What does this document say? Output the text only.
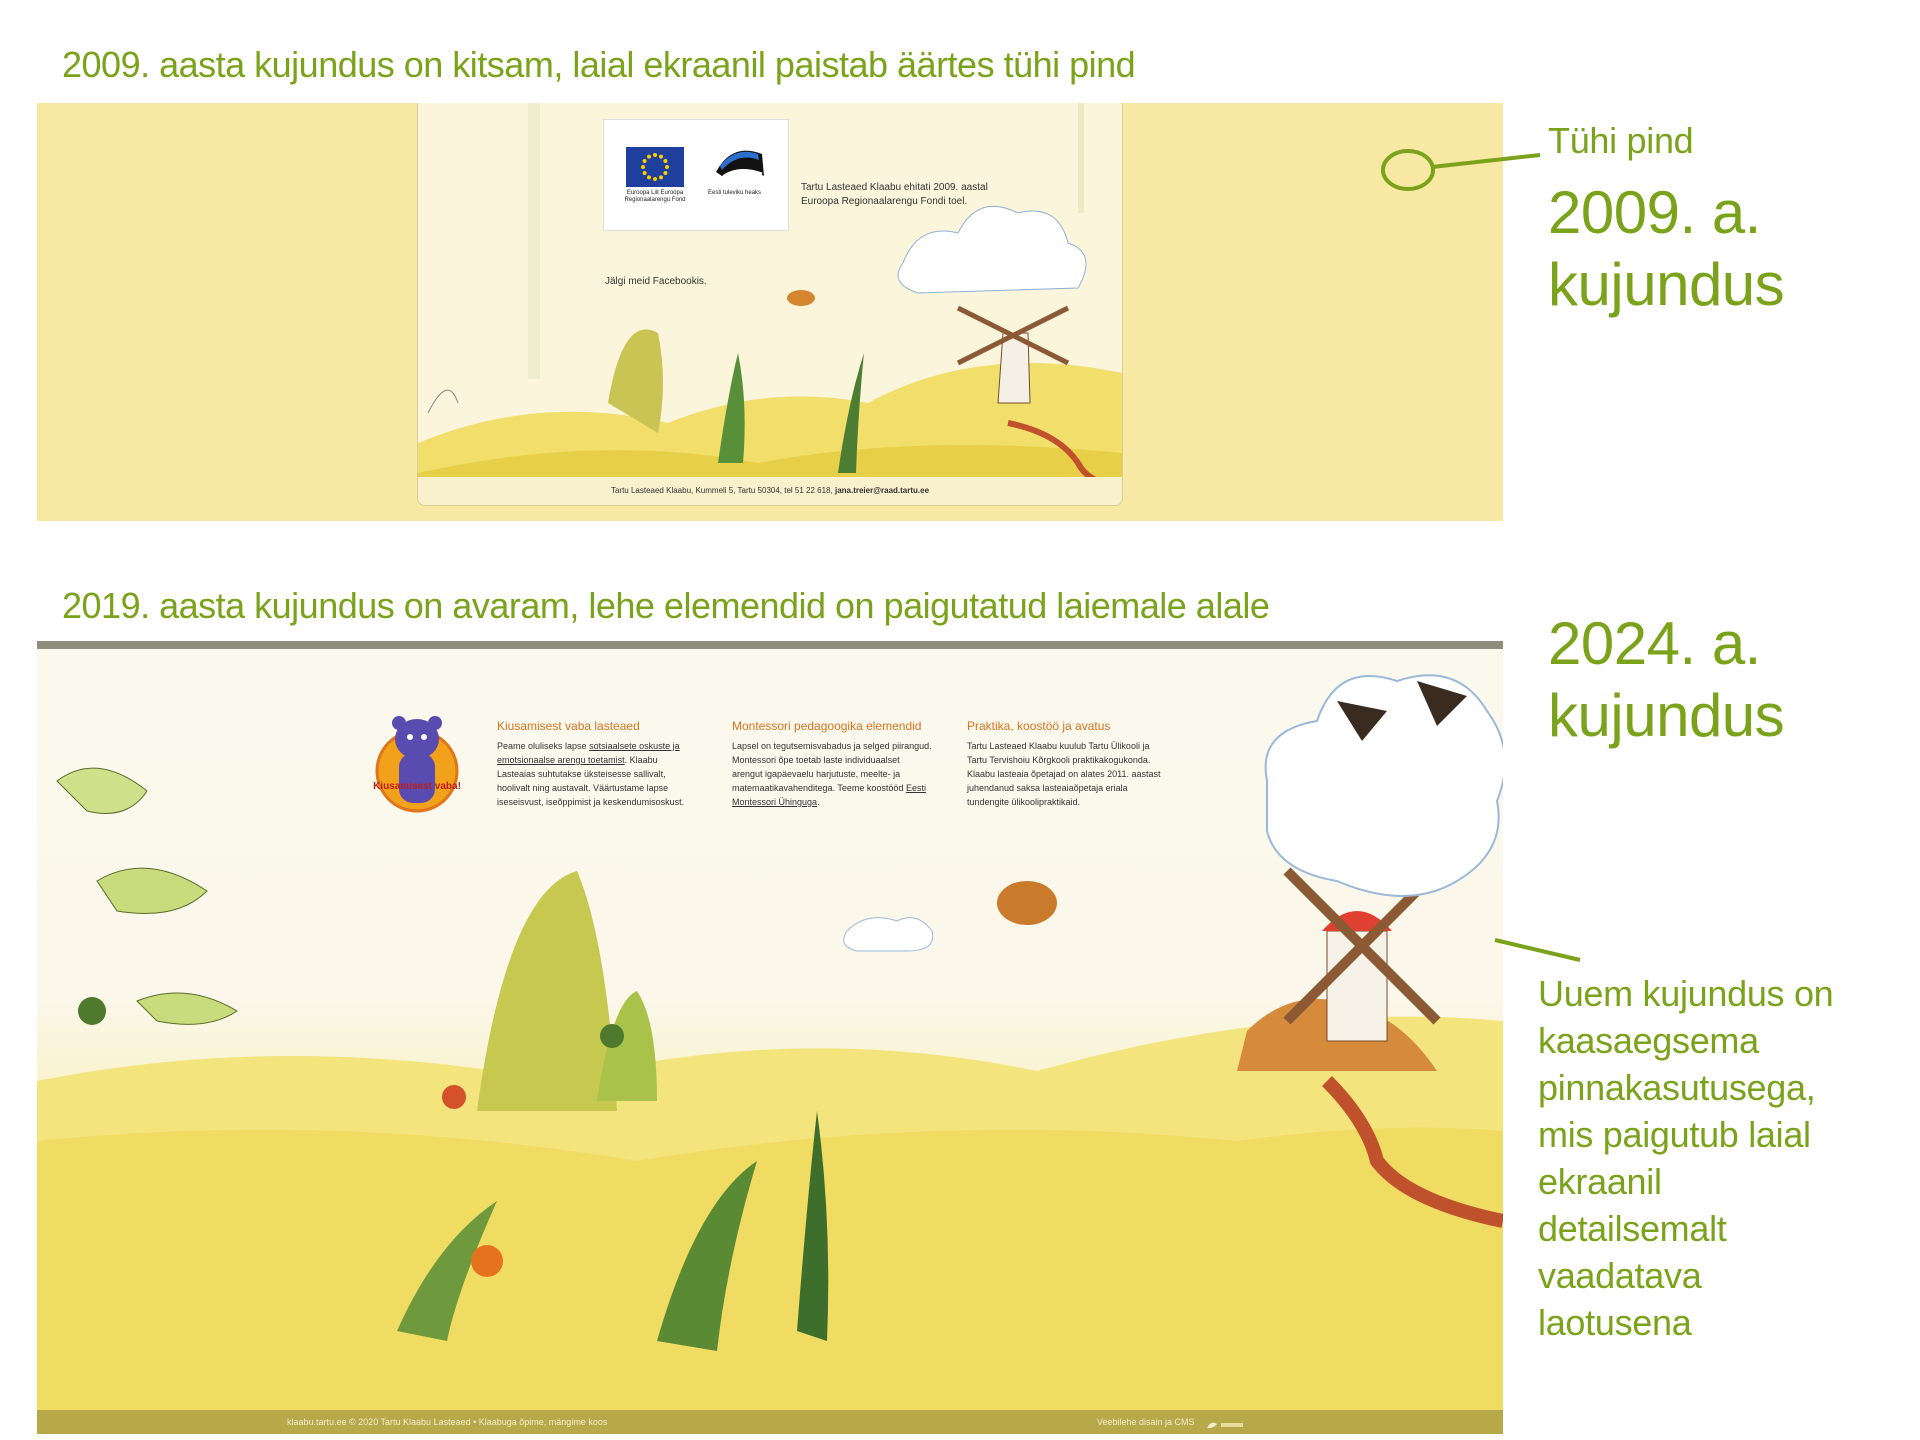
2009. aasta kujundus on kitsam, laial ekraanil paistab äärtes tühi pind
2019. aasta kujundus on avaram, lehe elemendid on paigutatud laiemale alale
Euroopa Liit Euroopa Regionaalarengu Fond
Eesti tuleviku heaks	Tartu Lasteaed Klaabu ehitati 2009. aastal Euroopa Regionaalarengu Fondi toel.
Jälgi meid Facebookis.
Tartu Lasteaed Klaabu, Kummeli 5, Tartu 50304, tel 51 22 618, jana.treier@raad.tartu.ee
Tühi pind
2009. a. kujundus
Kiusamisest vaba!
Kiusamisest vaba lasteaed

Peame oluliseks lapse sotsiaalsete oskuste ja emotsionaalse arengu toetamist. Klaabu Lasteaias suhtutakse üksteisesse sallivalt, hoolivalt ning austavalt. Väärtustame lapse iseseisvust, iseõppimist ja keskendumisoskust.

Montessori pedagoogika elemendid

Lapsel on tegutsemisvabadus ja selged piirangud. Montessori õpe toetab laste individuaalset arengut igapäevaelu harjutuste, meelte- ja matemaatikavahenditega. Teeme koostööd Eesti Montessori Ühinguga.

Praktika, koostöö ja avatus

Tartu Lasteaed Klaabu kuulub Tartu Ülikooli ja Tartu Tervishoiu Kõrgkooli praktikakogukonda. Klaabu lasteaia õpetajad on alates 2011. aastast juhendanud saksa lasteaiaõpetaja eriala tundengite ülikoolipraktikaid.

klaabu.tartu.ee © 2020 Tartu Klaabu Lasteaed • Klaabuga õpime, mängime koos	Veebilehe disain ja CMS
2024. a. kujundus
Uuem kujundus on kaasaegsema pinnakasutusega, mis paigutub laial ekraanil detailsemalt vaadatava laotusena
